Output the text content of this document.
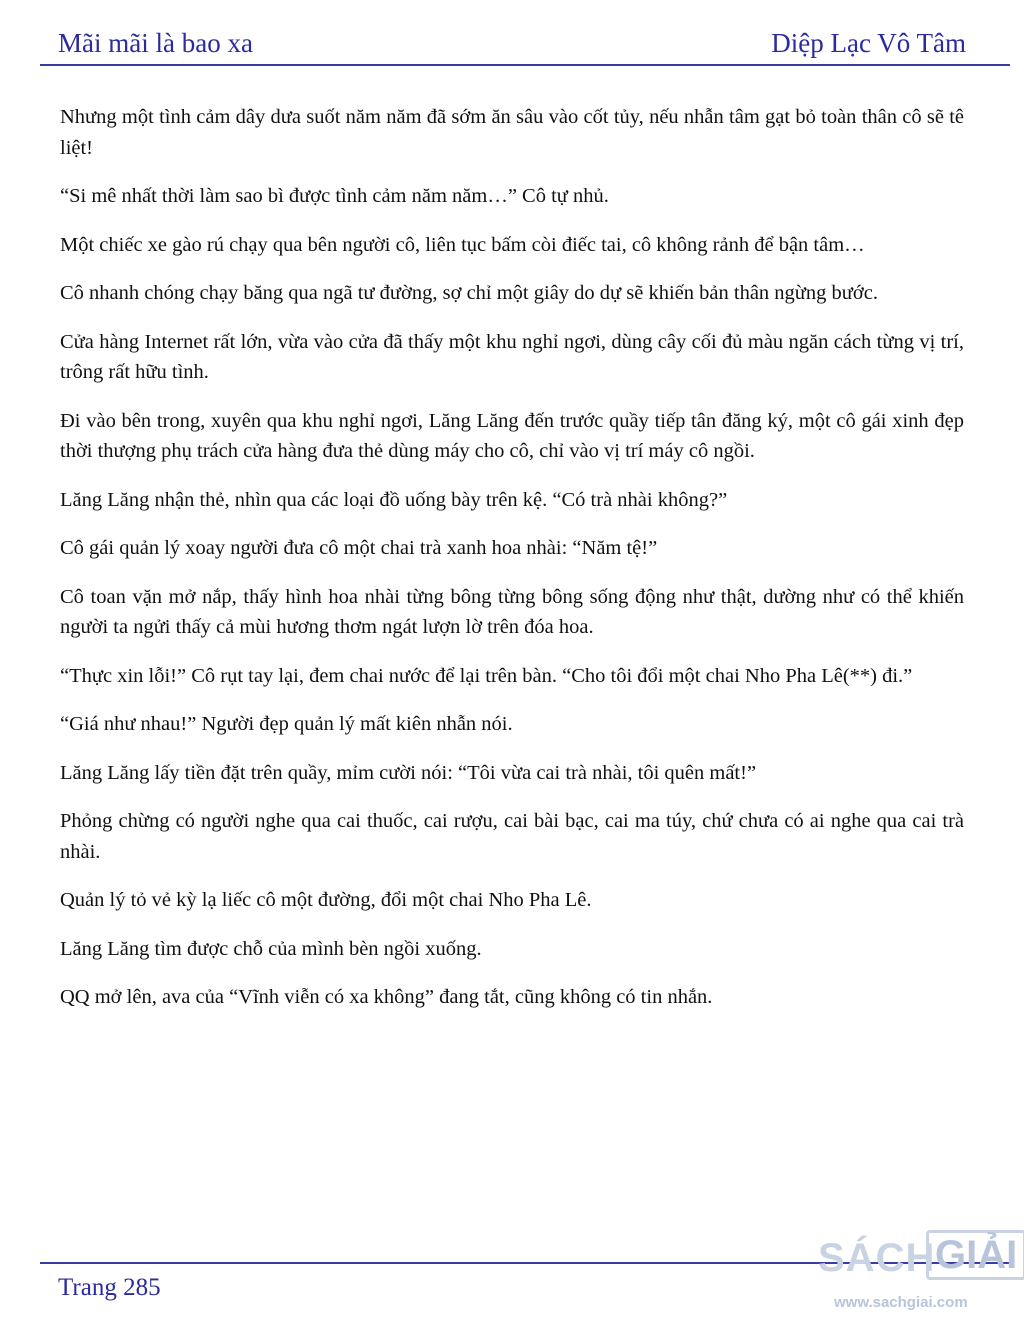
Mãi mãi là bao xa	Diệp Lạc Vô Tâm

Nhưng một tình cảm dây dưa suốt năm năm đã sớm ăn sâu vào cốt tủy, nếu nhẫn tâm gạt bỏ toàn thân cô sẽ tê liệt!

“Si mê nhất thời làm sao bì được tình cảm năm năm…” Cô tự nhủ.

Một chiếc xe gào rú chạy qua bên người cô, liên tục bấm còi điếc tai, cô không rảnh để bận tâm…

Cô nhanh chóng chạy băng qua ngã tư đường, sợ chỉ một giây do dự sẽ khiến bản thân ngừng bước.

Cửa hàng Internet rất lớn, vừa vào cửa đã thấy một khu nghỉ ngơi, dùng cây cối đủ màu ngăn cách từng vị trí, trông rất hữu tình.

Đi vào bên trong, xuyên qua khu nghỉ ngơi, Lăng Lăng đến trước quầy tiếp tân đăng ký, một cô gái xinh đẹp thời thượng phụ trách cửa hàng đưa thẻ dùng máy cho cô, chỉ vào vị trí máy cô ngồi.

Lăng Lăng nhận thẻ, nhìn qua các loại đồ uống bày trên kệ. “Có trà nhài không?”

Cô gái quản lý xoay người đưa cô một chai trà xanh hoa nhài: “Năm tệ!”

Cô toan vặn mở nắp, thấy hình hoa nhài từng bông từng bông sống động như thật, dường như có thể khiến người ta ngửi thấy cả mùi hương thơm ngát lượn lờ trên đóa hoa.

“Thực xin lỗi!” Cô rụt tay lại, đem chai nước để lại trên bàn. “Cho tôi đổi một chai Nho Pha Lê(**) đi.”

“Giá như nhau!” Người đẹp quản lý mất kiên nhẫn nói.

Lăng Lăng lấy tiền đặt trên quầy, mỉm cười nói: “Tôi vừa cai trà nhài, tôi quên mất!”

Phỏng chừng có người nghe qua cai thuốc, cai rượu, cai bài bạc, cai ma túy, chứ chưa có ai nghe qua cai trà nhài.

Quản lý tỏ vẻ kỳ lạ liếc cô một đường, đổi một chai Nho Pha Lê.

Lăng Lăng tìm được chỗ của mình bèn ngồi xuống.

QQ mở lên, ava của “Vĩnh viễn có xa không” đang tắt, cũng không có tin nhắn.

Trang 285
SÁCH GIẢI
www.sachgiai.com
